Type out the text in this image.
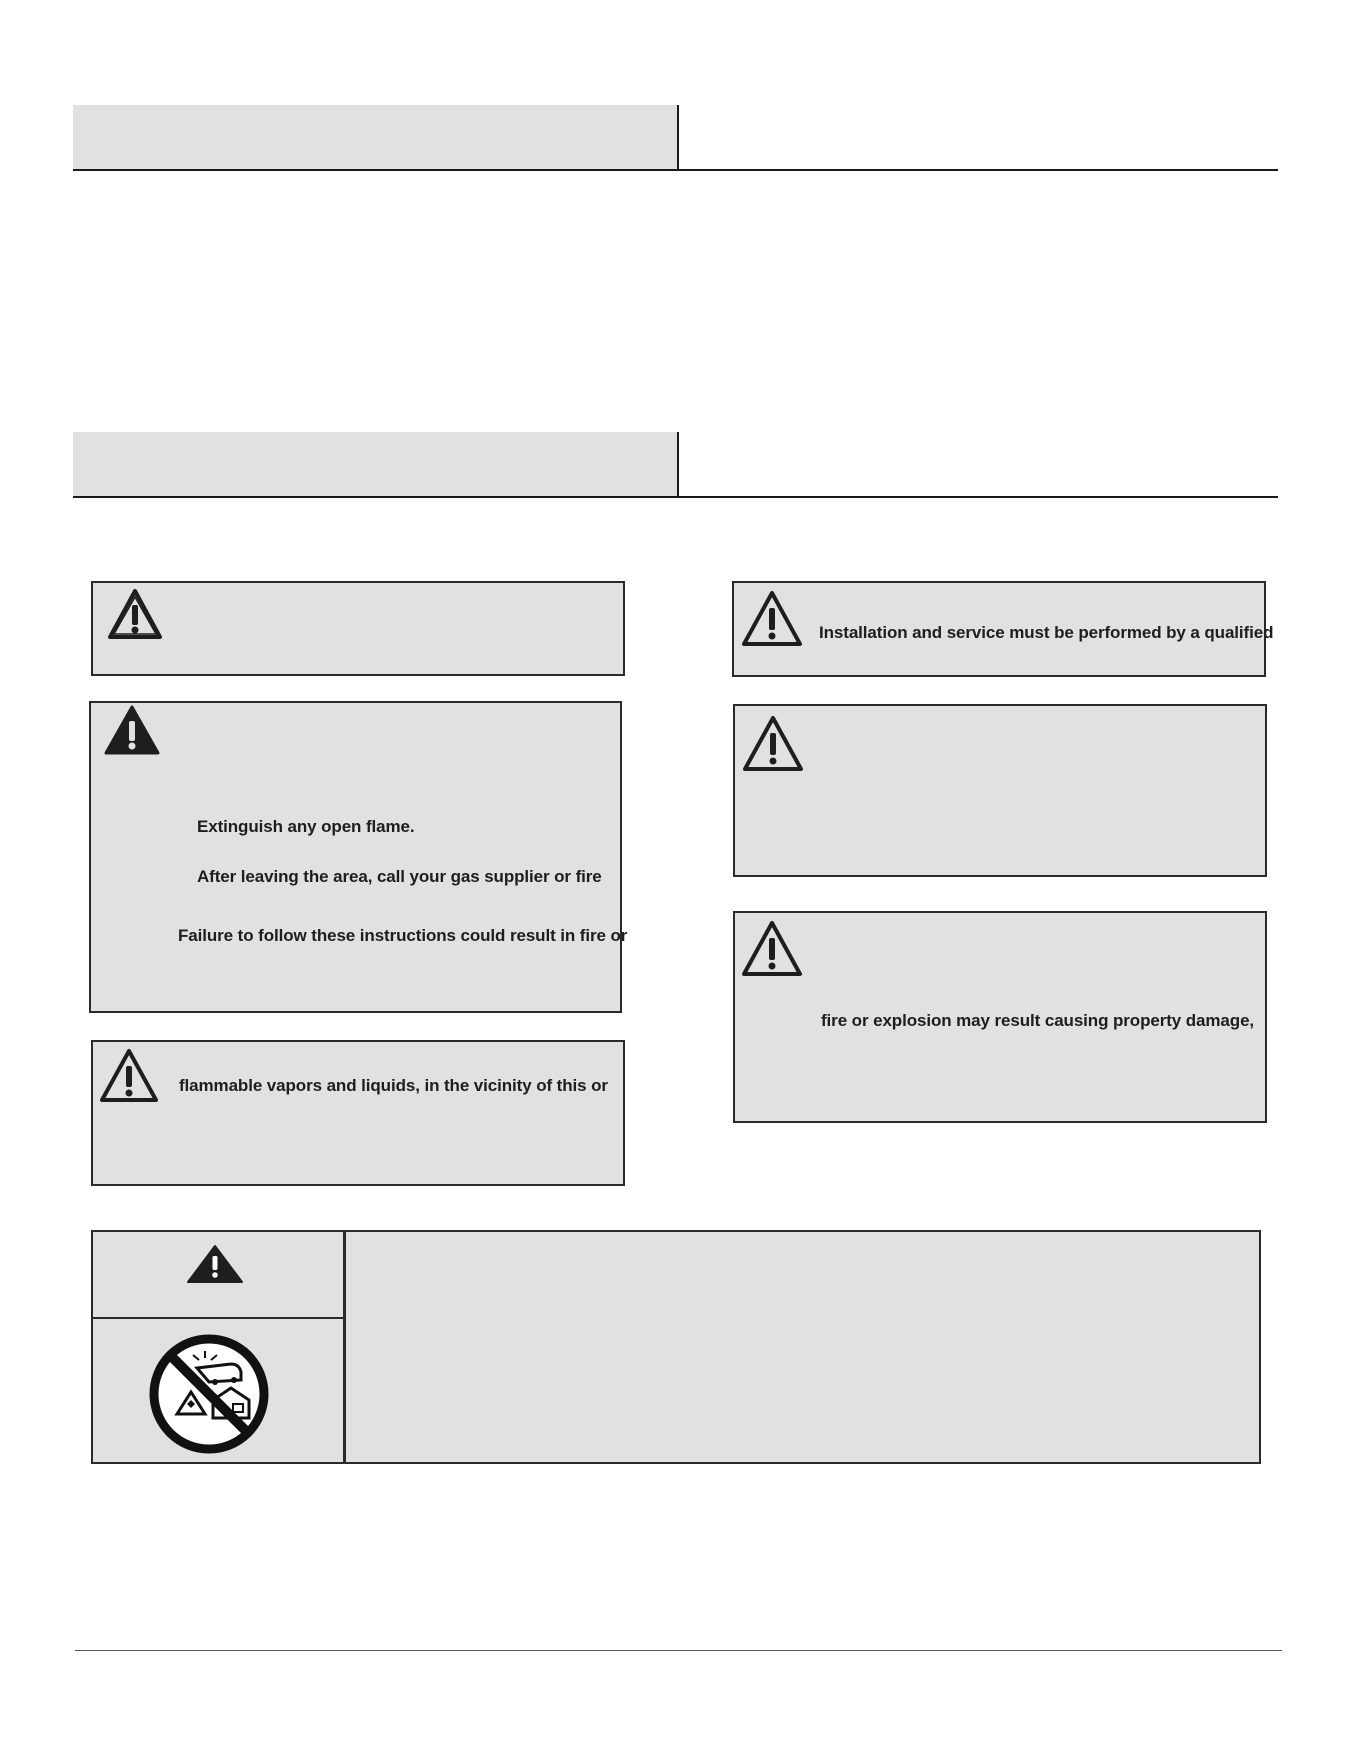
Extinguish any open flame.
After leaving the area, call your gas supplier or fire
Failure to follow these instructions could result in fire or
flammable vapors and liquids, in the vicinity of this or
Installation and service must be performed by a qualified
fire or explosion may result causing property damage,
